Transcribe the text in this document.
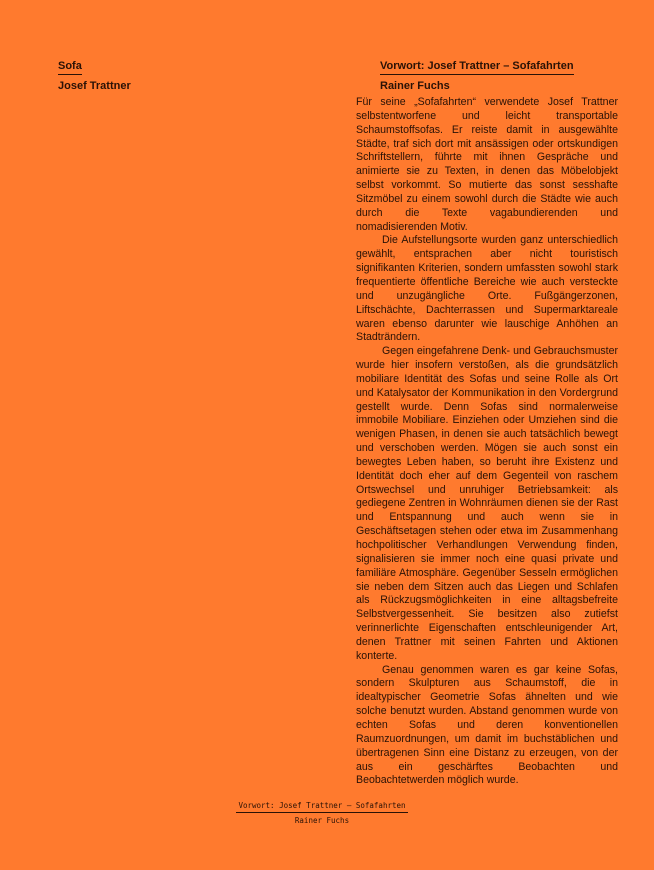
Sofa
Josef Trattner
Vorwort: Josef Trattner – Sofafahrten
Rainer Fuchs

Für seine „Sofafahrten“ verwendete Josef Trattner selbstentworfene und leicht transportable Schaumstoffsofas. Er reiste damit in ausgewählte Städte, traf sich dort mit ansässigen oder ortskundigen Schriftstellern, führte mit ihnen Gespräche und animierte sie zu Texten, in denen das Möbelobjekt selbst vorkommt. So mutierte das sonst sesshafte Sitzmöbel zu einem sowohl durch die Städte wie auch durch die Texte vagabundierenden und nomadisierenden Motiv.

Die Aufstellungsorte wurden ganz unterschiedlich gewählt, entsprachen aber nicht touristisch signifikanten Kriterien, sondern umfassten sowohl stark frequentierte öffentliche Bereiche wie auch versteckte und unzugängliche Orte. Fußgängerzonen, Liftschächte, Dachterrassen und Supermarktareale waren ebenso darunter wie lauschige Anhöhen an Stadträndern.

Gegen eingefahrene Denk- und Gebrauchsmuster wurde hier insofern verstoßen, als die grundsätzlich mobiliare Identität des Sofas und seine Rolle als Ort und Katalysator der Kommunikation in den Vordergrund gestellt wurde. Denn Sofas sind normalerweise immobile Mobiliare. Einziehen oder Umziehen sind die wenigen Phasen, in denen sie auch tatsächlich bewegt und verschoben werden. Mögen sie auch sonst ein bewegtes Leben haben, so beruht ihre Existenz und Identität doch eher auf dem Gegenteil von raschem Ortswechsel und unruhiger Betriebsamkeit: als gediegene Zentren in Wohnräumen dienen sie der Rast und Entspannung und auch wenn sie in Geschäftsetagen stehen oder etwa im Zusammenhang hochpolitischer Verhandlungen Verwendung finden, signalisieren sie immer noch eine quasi private und familiäre Atmosphäre. Gegenüber Sesseln ermöglichen sie neben dem Sitzen auch das Liegen und Schlafen als Rückzugsmöglichkeiten in eine alltagsbefreite Selbstvergessenheit. Sie besitzen also zutiefst verinnerlichte Eigenschaften entschleunigender Art, denen Trattner mit seinen Fahrten und Aktionen konterte.

Genau genommen waren es gar keine Sofas, sondern Skulpturen aus Schaumstoff, die in idealtypischer Geometrie Sofas ähnelten und wie solche benutzt wurden. Abstand genommen wurde von echten Sofas und deren konventionellen Raumzuordnungen, um damit im buchstäblichen und übertragenen Sinn eine Distanz zu erzeugen, von der aus ein geschärftes Beobachten und Beobachtetwerden möglich wurde.

Vorwort: Josef Trattner – Sofafahrten
Rainer Fuchs
